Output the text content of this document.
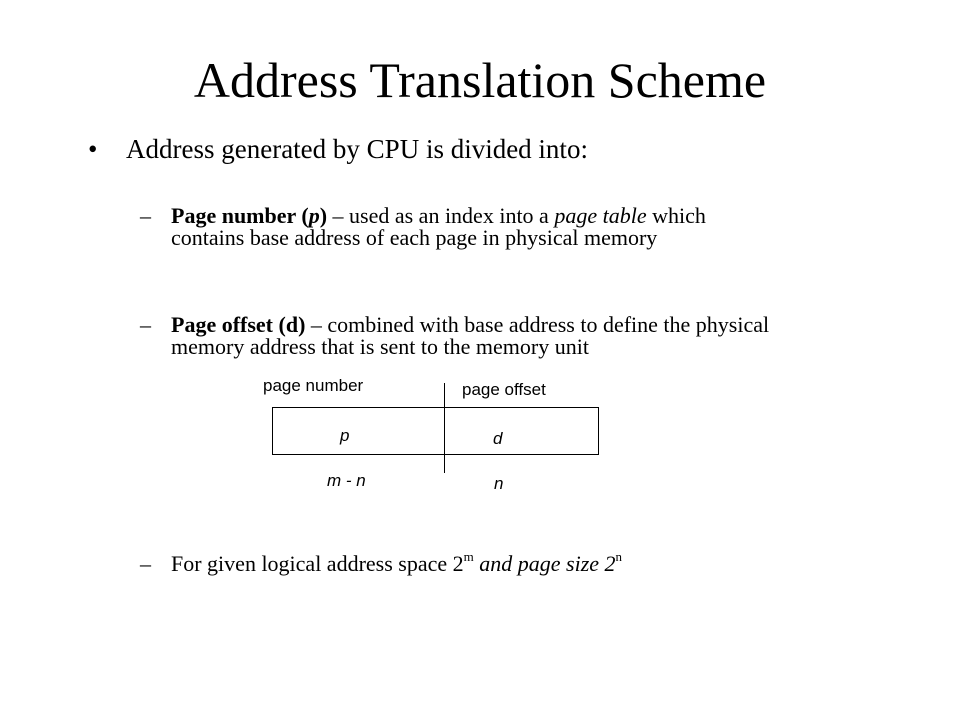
Address Translation Scheme
• Address generated by CPU is divided into:
– Page number (p) – used as an index into a page table which contains base address of each page in physical memory
– Page offset (d) – combined with base address to define the physical memory address that is sent to the memory unit
– For given logical address space 2$^m$ and page size 2$^n$
page number	page offset
p	d
m - n	n
